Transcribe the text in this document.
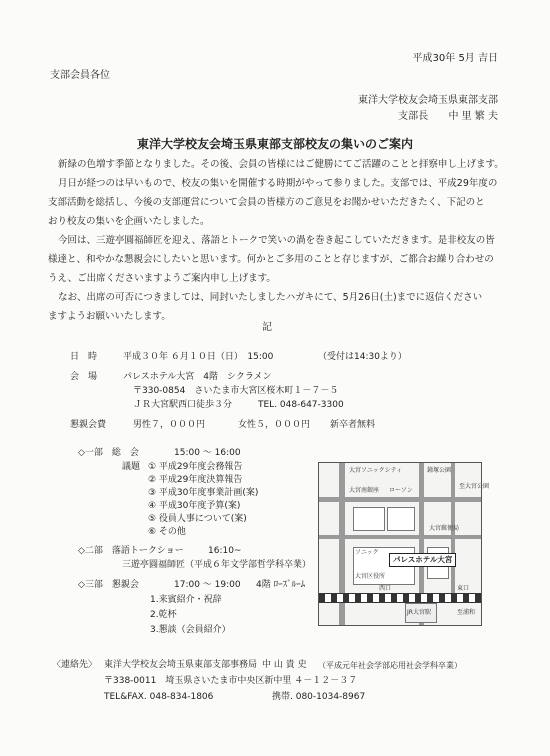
平成30年 5月 吉日
支部会員各位
東洋大学校友会埼玉県東部支部
支部長 中 里 繁 夫
東洋大学校友会埼玉県東部支部校友の集いのご案内
新緑の色増す季節となりました。その後、会員の皆様にはご健勝にてご活躍のことと拝察申し上げます。
月日が経つのは早いもので、校友の集いを開催する時期がやって参りました。支部では、平成29年度の
支部活動を総括し、今後の支部運営について会員の皆様方のご意見をお聞かせいただきたく、下記のと
おり校友の集いを企画いたしました。
今回は、三遊亭圓福師匠を迎え、落語とトークで笑いの渦を巻き起こしていただきます。是非校友の皆
様達と、和やかな懇親会にしたいと思います。何かとご多用のことと存じますが、ご都合お繰り合わせの
うえ、ご出席くださいますようご案内申し上げます。
なお、出席の可否につきましては、同封いたしましたハガキにて、5月26日(土)までに返信ください
ますようお願いいたします。
記
日　時	平成３０年 ６月１０日（日）　15:00	（受付は14:30より）
会　場	パレスホテル大宮　4階　シクラメン
〒330-0854　さいたま市大宮区桜木町１－７－５
ＪＲ大宮駅西口徒歩３分	TEL. 048-647-3300
懇親会費	男性７，０００円	女性５，０００円 新卒者無料
◇一部　総　会	15:00 ～ 16:00
議題 ① 平成29年度会務報告
② 平成29年度決算報告
③ 平成30年度事業計画(案)
④ 平成30年度予算(案)
⑤ 役員人事について(案)
⑥ その他
◇二部　落語トークショー	16:10~
三遊亭圓福師匠（平成６年文学部哲学科卒業）
◇三部　懇親会	17:00 ～ 19:00 4階 ﾛｰｽﾞﾙｰﾑ
1.来賓紹介・祝辞
2.乾杯
3.懇談（会員紹介）
大宮ソニックシティ	鐘塚公園
大宮南銀座 ローソン
大宮郵便局
西口
JR大宮駅
東口
至大宮公園
至浦和
大宮区役所
ソニック
パレスホテル大宮
〈連絡先〉 東洋大学校友会埼玉県東部支部事務局 中 山 貴 史 （平成元年社会学部応用社会学科卒業）
〒338-0011　埼玉県さいたま市中央区新中里 ４－１２－３７
TEL&FAX. 048-834-1806	携帯. 080-1034-8967
